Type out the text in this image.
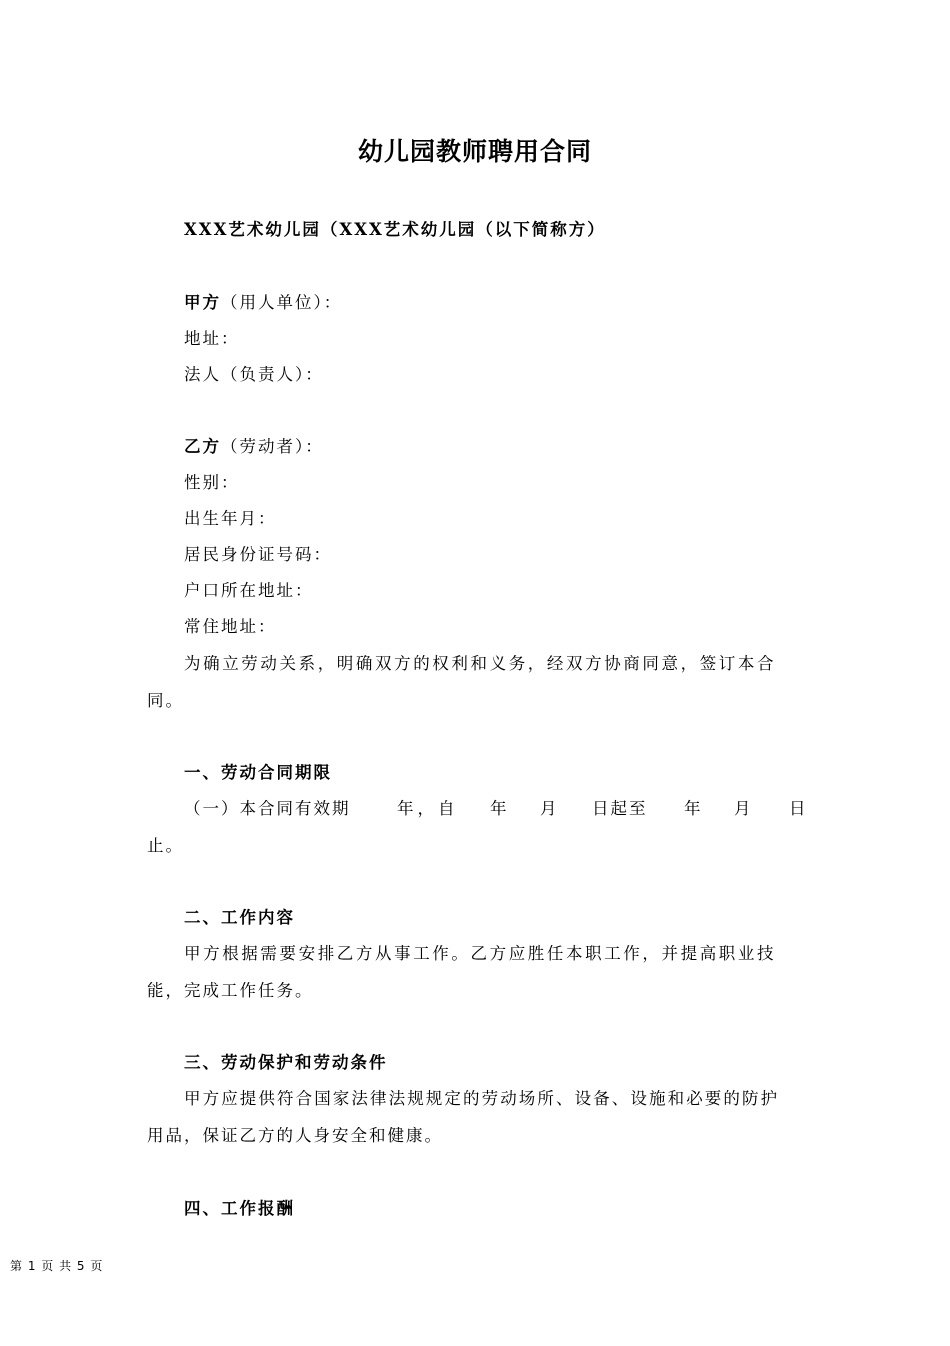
幼儿园教师聘用合同
XXX艺术幼儿园（XXX艺术幼儿园（以下简称方）
甲方（用人单位）：
地址：
法人（负责人）：
乙方（劳动者）：
性别：
出生年月：
居民身份证号码：
户口所在地址：
常住地址：
为确立劳动关系，明确双方的权利和义务，经双方协商同意，签订本合
同。
一、劳动合同期限
（一）本合同有效期	年，自 年 月 日起至 年 月 日
止。
二、工作内容
甲方根据需要安排乙方从事工作。乙方应胜任本职工作，并提高职业技
能，完成工作任务。
三、劳动保护和劳动条件
甲方应提供符合国家法律法规规定的劳动场所、设备、设施和必要的防护
用品，保证乙方的人身安全和健康。
四、工作报酬
第 1 页 共 5 页
